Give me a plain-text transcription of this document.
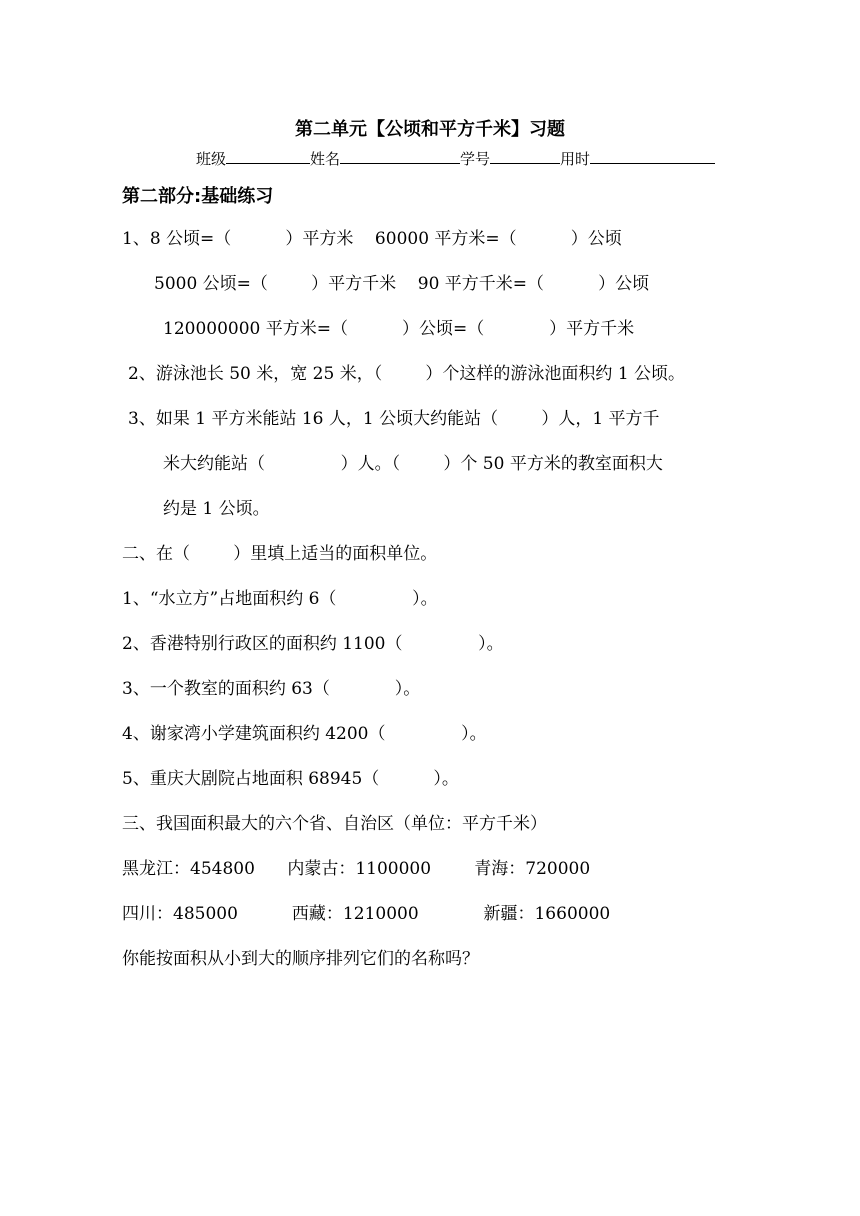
第二单元【公顷和平方千米】习题
班级	姓名	学号	用时
第二部分:基础练习
1、8 公顷=（          ）平方米    60000 平方米=（          ）公顷
5000 公顷=（        ）平方千米    90 平方千米=（          ）公顷
120000000 平方米=（          ）公顷=（            ）平方千米
2、游泳池长 50 米，宽 25 米，（        ）个这样的游泳池面积约 1 公顷。
3、如果 1 平方米能站 16 人，1 公顷大约能站（        ）人，1 平方千
米大约能站（              ）人。（        ）个 50 平方米的教室面积大
约是 1 公顷。
二、在（        ）里填上适当的面积单位。
1、“水立方”占地面积约 6（              ）。
2、香港特别行政区的面积约 1100（              ）。
3、一个教室的面积约 63（            ）。
4、谢家湾小学建筑面积约 4200（              ）。
5、重庆大剧院占地面积 68945（          ）。
三、我国面积最大的六个省、自治区（单位：平方千米）
黑龙江：454800      内蒙古：1100000        青海：720000
四川：485000          西藏：1210000            新疆：1660000
你能按面积从小到大的顺序排列它们的名称吗？
